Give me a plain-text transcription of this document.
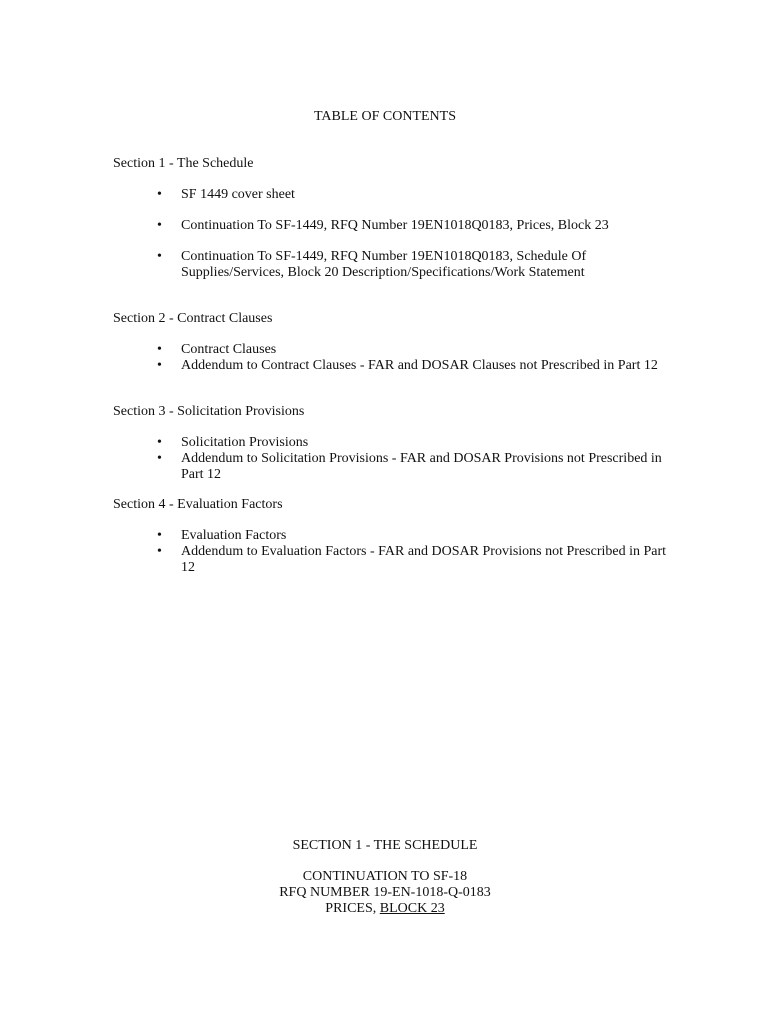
TABLE OF CONTENTS

Section 1 - The Schedule

• SF 1449 cover sheet
• Continuation To SF-1449, RFQ Number 19EN1018Q0183, Prices, Block 23
• Continuation To SF-1449, RFQ Number 19EN1018Q0183, Schedule Of Supplies/Services, Block 20 Description/Specifications/Work Statement

Section 2 - Contract Clauses

• Contract Clauses
• Addendum to Contract Clauses - FAR and DOSAR Clauses not Prescribed in Part 12

Section 3 - Solicitation Provisions

• Solicitation Provisions
• Addendum to Solicitation Provisions - FAR and DOSAR Provisions not Prescribed in Part 12

Section 4 - Evaluation Factors

• Evaluation Factors
• Addendum to Evaluation Factors - FAR and DOSAR Provisions not Prescribed in Part 12
SECTION 1 - THE SCHEDULE
CONTINUATION TO SF-18
RFQ NUMBER 19-EN-1018-Q-0183
PRICES, BLOCK 23
